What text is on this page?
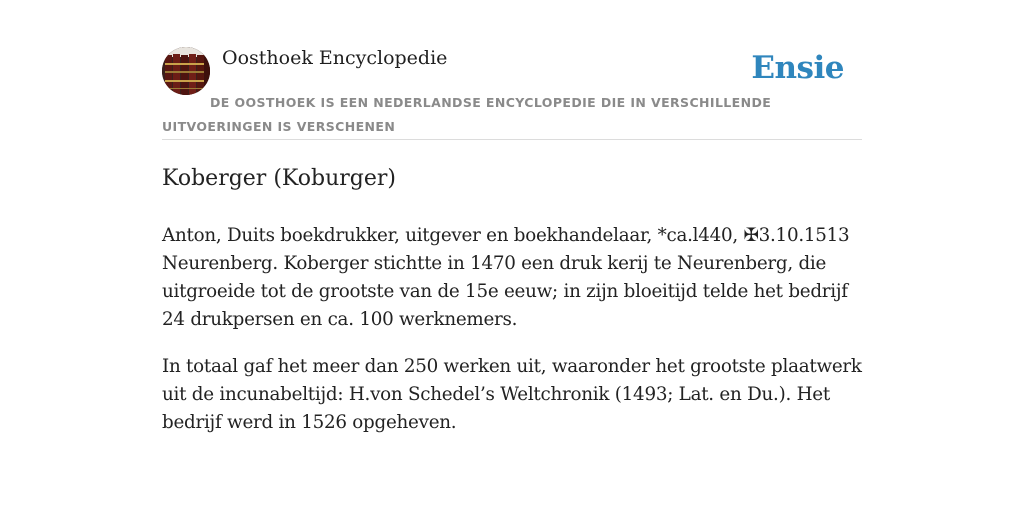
Oosthoek Encyclopedie	Ensie
DE OOSTHOEK IS EEN NEDERLANDSE ENCYCLOPEDIE DIE IN VERSCHILLENDE UITVOERINGEN IS VERSCHENEN
Koberger (Koburger)

Anton, Duits boekdrukker, uitgever en boekhandelaar, *ca.l440, ✠3.10.1513 Neurenberg. Koberger stichtte in 1470 een druk kerij te Neurenberg, die uitgroeide tot de grootste van de 15e eeuw; in zijn bloeitijd telde het bedrijf 24 drukpersen en ca. 100 werknemers.

In totaal gaf het meer dan 250 werken uit, waaronder het grootste plaatwerk uit de incunabeltijd: H.von Schedel’s Weltchronik (1493; Lat. en Du.). Het bedrijf werd in 1526 opgeheven.
